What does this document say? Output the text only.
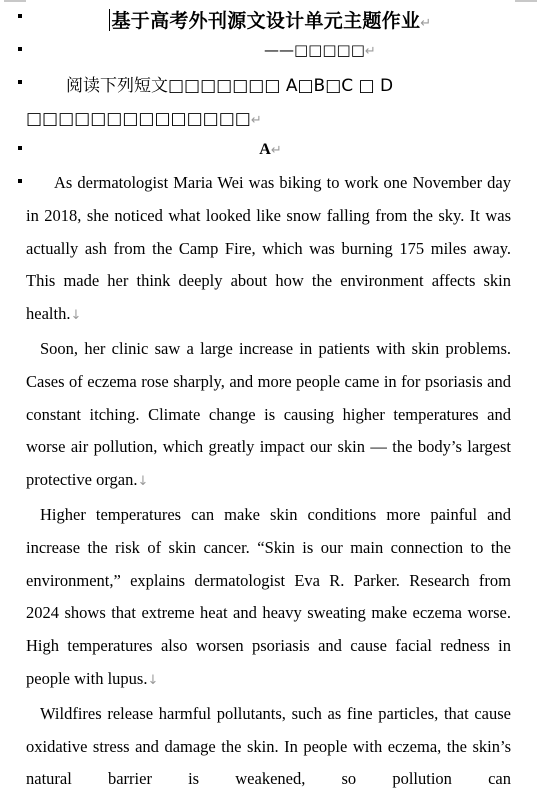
基于高考外刊源文设计单元主题作业↵
——□□□□□↵
阅读下列短文□□□□□□□ A□B□C □ D □□□□□□□□□□□□□□↵
A↵

As dermatologist Maria Wei was biking to work one November day in 2018, she noticed what looked like snow falling from the sky. It was actually ash from the Camp Fire, which was burning 175 miles away. This made her think deeply about how the environment affects skin health.↓

Soon, her clinic saw a large increase in patients with skin problems. Cases of eczema rose sharply, and more people came in for psoriasis and constant itching. Climate change is causing higher temperatures and worse air pollution, which greatly impact our skin — the body’s largest protective organ.↓

Higher temperatures can make skin conditions more painful and increase the risk of skin cancer. “Skin is our main connection to the environment,” explains dermatologist Eva R. Parker. Research from 2024 shows that extreme heat and heavy sweating make eczema worse. High temperatures also worsen psoriasis and cause facial redness in people with lupus.↓

Wildfires release harmful pollutants, such as fine particles, that cause oxidative stress and damage the skin. In people with eczema, the skin’s natural barrier is weakened, so pollution can
